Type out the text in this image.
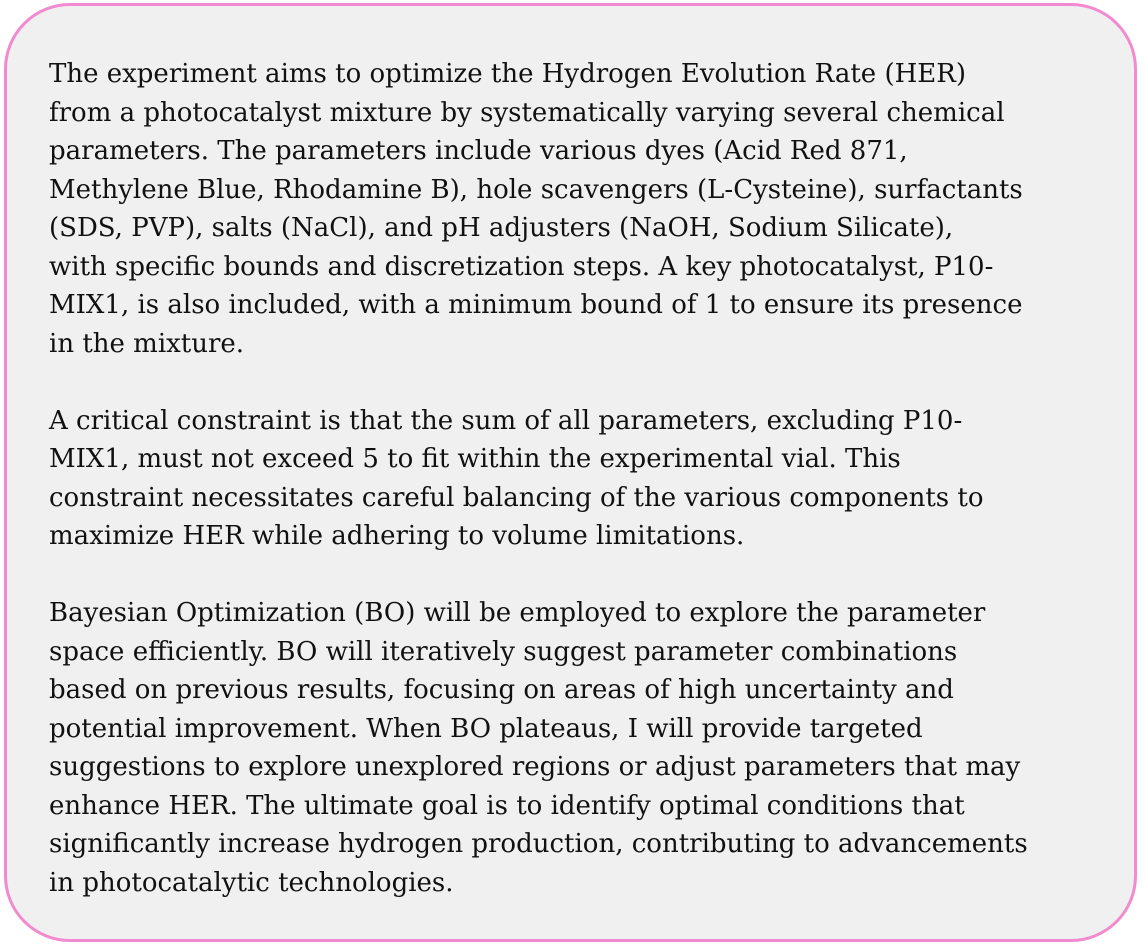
The experiment aims to optimize the Hydrogen Evolution Rate (HER)
from a photocatalyst mixture by systematically varying several chemical
parameters. The parameters include various dyes (Acid Red 871,
Methylene Blue, Rhodamine B), hole scavengers (L-Cysteine), surfactants
(SDS, PVP), salts (NaCl), and pH adjusters (NaOH, Sodium Silicate),
with specific bounds and discretization steps. A key photocatalyst, P10-
MIX1, is also included, with a minimum bound of 1 to ensure its presence
in the mixture.
A critical constraint is that the sum of all parameters, excluding P10-
MIX1, must not exceed 5 to fit within the experimental vial. This
constraint necessitates careful balancing of the various components to
maximize HER while adhering to volume limitations.
Bayesian Optimization (BO) will be employed to explore the parameter
space efficiently. BO will iteratively suggest parameter combinations
based on previous results, focusing on areas of high uncertainty and
potential improvement. When BO plateaus, I will provide targeted
suggestions to explore unexplored regions or adjust parameters that may
enhance HER. The ultimate goal is to identify optimal conditions that
significantly increase hydrogen production, contributing to advancements
in photocatalytic technologies.
